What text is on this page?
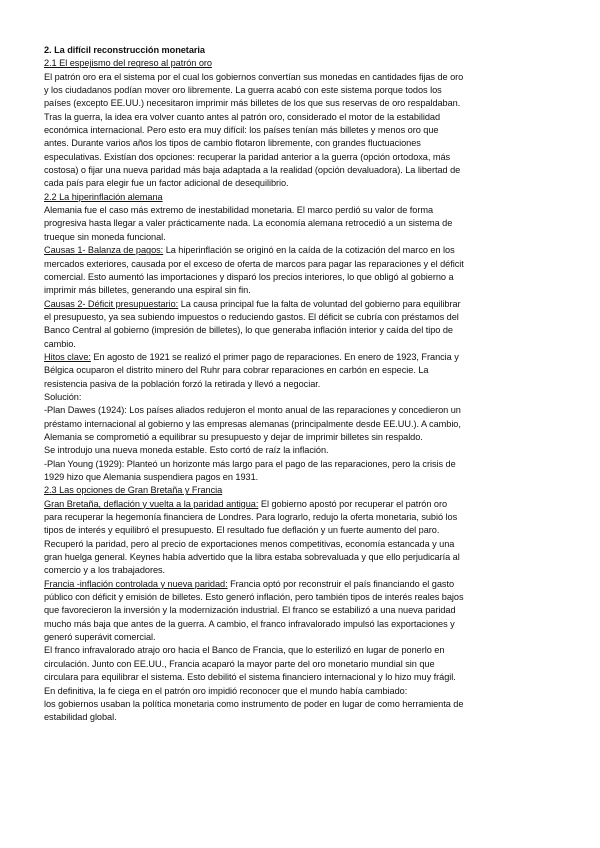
2. La difícil reconstrucción monetaria
2.1 El espejismo del regreso al patrón oro
El patrón oro era el sistema por el cual los gobiernos convertían sus monedas en cantidades fijas de oro
y los ciudadanos podían mover oro libremente. La guerra acabó con este sistema porque todos los
países (excepto EE.UU.) necesitaron imprimir más billetes de los que sus reservas de oro respaldaban.
Tras la guerra, la idea era volver cuanto antes al patrón oro, considerado el motor de la estabilidad
económica internacional. Pero esto era muy difícil: los países tenían más billetes y menos oro que
antes. Durante varios años los tipos de cambio flotaron libremente, con grandes fluctuaciones
especulativas. Existían dos opciones: recuperar la paridad anterior a la guerra (opción ortodoxa, más
costosa) o fijar una nueva paridad más baja adaptada a la realidad (opción devaluadora). La libertad de
cada país para elegir fue un factor adicional de desequilibrio.
2.2 La hiperinflación alemana
Alemania fue el caso más extremo de inestabilidad monetaria. El marco perdió su valor de forma
progresiva hasta llegar a valer prácticamente nada. La economía alemana retrocedió a un sistema de
trueque sin moneda funcional.
Causas 1- Balanza de pagos: La hiperinflación se originó en la caída de la cotización del marco en los
mercados exteriores, causada por el exceso de oferta de marcos para pagar las reparaciones y el déficit
comercial. Esto aumentó las importaciones y disparó los precios interiores, lo que obligó al gobierno a
imprimir más billetes, generando una espiral sin fin.
Causas 2- Déficit presupuestario: La causa principal fue la falta de voluntad del gobierno para equilibrar
el presupuesto, ya sea subiendo impuestos o reduciendo gastos. El déficit se cubría con préstamos del
Banco Central al gobierno (impresión de billetes), lo que generaba inflación interior y caída del tipo de
cambio.
Hitos clave: En agosto de 1921 se realizó el primer pago de reparaciones. En enero de 1923, Francia y
Bélgica ocuparon el distrito minero del Ruhr para cobrar reparaciones en carbón en especie. La
resistencia pasiva de la población forzó la retirada y llevó a negociar.
Solución:
-Plan Dawes (1924): Los países aliados redujeron el monto anual de las reparaciones y concedieron un
préstamo internacional al gobierno y las empresas alemanas (principalmente desde EE.UU.). A cambio,
Alemania se comprometió a equilibrar su presupuesto y dejar de imprimir billetes sin respaldo.
Se introdujo una nueva moneda estable. Esto cortó de raíz la inflación.
-Plan Young (1929): Planteó un horizonte más largo para el pago de las reparaciones, pero la crisis de
1929 hizo que Alemania suspendiera pagos en 1931.
2.3 Las opciones de Gran Bretaña y Francia
Gran Bretaña, deflación y vuelta a la paridad antigua: El gobierno apostó por recuperar el patrón oro
para recuperar la hegemonía financiera de Londres. Para lograrlo, redujo la oferta monetaria, subió los
tipos de interés y equilibró el presupuesto. El resultado fue deflación y un fuerte aumento del paro.
Recuperó la paridad, pero al precio de exportaciones menos competitivas, economía estancada y una
gran huelga general. Keynes había advertido que la libra estaba sobrevaluada y que ello perjudicaría al
comercio y a los trabajadores.
Francia -inflación controlada y nueva paridad: Francia optó por reconstruir el país financiando el gasto
público con déficit y emisión de billetes. Esto generó inflación, pero también tipos de interés reales bajos
que favorecieron la inversión y la modernización industrial. El franco se estabilizó a una nueva paridad
mucho más baja que antes de la guerra. A cambio, el franco infravalorado impulsó las exportaciones y
generó superávit comercial.
El franco infravalorado atrajo oro hacia el Banco de Francia, que lo esterilizó en lugar de ponerlo en
circulación. Junto con EE.UU., Francia acaparó la mayor parte del oro monetario mundial sin que
circulara para equilibrar el sistema. Esto debilitó el sistema financiero internacional y lo hizo muy frágil.
En definitiva, la fe ciega en el patrón oro impidió reconocer que el mundo había cambiado:
los gobiernos usaban la política monetaria como instrumento de poder en lugar de como herramienta de
estabilidad global.
